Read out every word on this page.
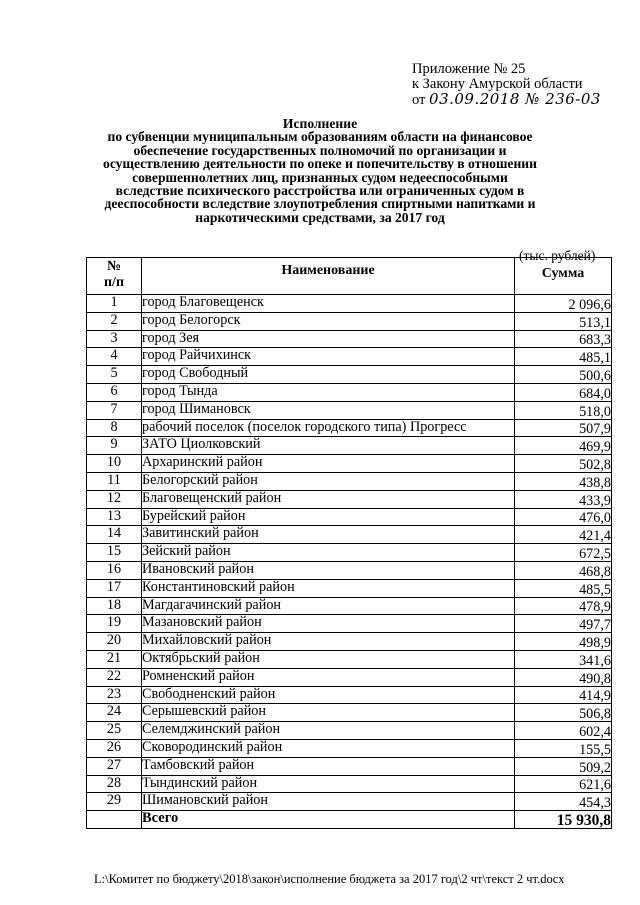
Приложение № 25
к Закону Амурской области
от 03.09.2018 № 236-03
Исполнение
по субвенции муниципальным образованиям области на финансовое обеспечение государственных полномочий по организации и осуществлению деятельности по опеке и попечительству в отношении совершеннолетних лиц, признанных судом недееспособными вследствие психического расстройства или ограниченных судом в дееспособности вследствие злоупотребления спиртными напитками и наркотическими средствами, за 2017 год
(тыс. рублей)
№
п/п	Наименование	Сумма

1	город Благовещенск	2 096,6
2	город Белогорск	513,1
3	город Зея	683,3
4	город Райчихинск	485,1
5	город Свободный	500,6
6	город Тында	684,0
7	город Шимановск	518,0
8	рабочий поселок (поселок городского типа) Прогресс	507,9
9	ЗАТО Циолковский	469,9
10	Архаринский район	502,8
11	Белогорский район	438,8
12	Благовещенский район	433,9
13	Бурейский район	476,0
14	Завитинский район	421,4
15	Зейский район	672,5
16	Ивановский район	468,8
17	Константиновский район	485,5
18	Магдагачинский район	478,9
19	Мазановский район	497,7
20	Михайловский район	498,9
21	Октябрьский район	341,6
22	Ромненский район	490,8
23	Свободненский район	414,9
24	Серышевский район	506,8
25	Селемджинский район	602,4
26	Сковородинский район	155,5
27	Тамбовский район	509,2
28	Тындинский район	621,6
29	Шимановский район	454,3
	Всего	15 930,8
L:\Комитет по бюджету\2018\закон\исполнение бюджета за 2017 год\2 чт\текст 2 чт.docx
